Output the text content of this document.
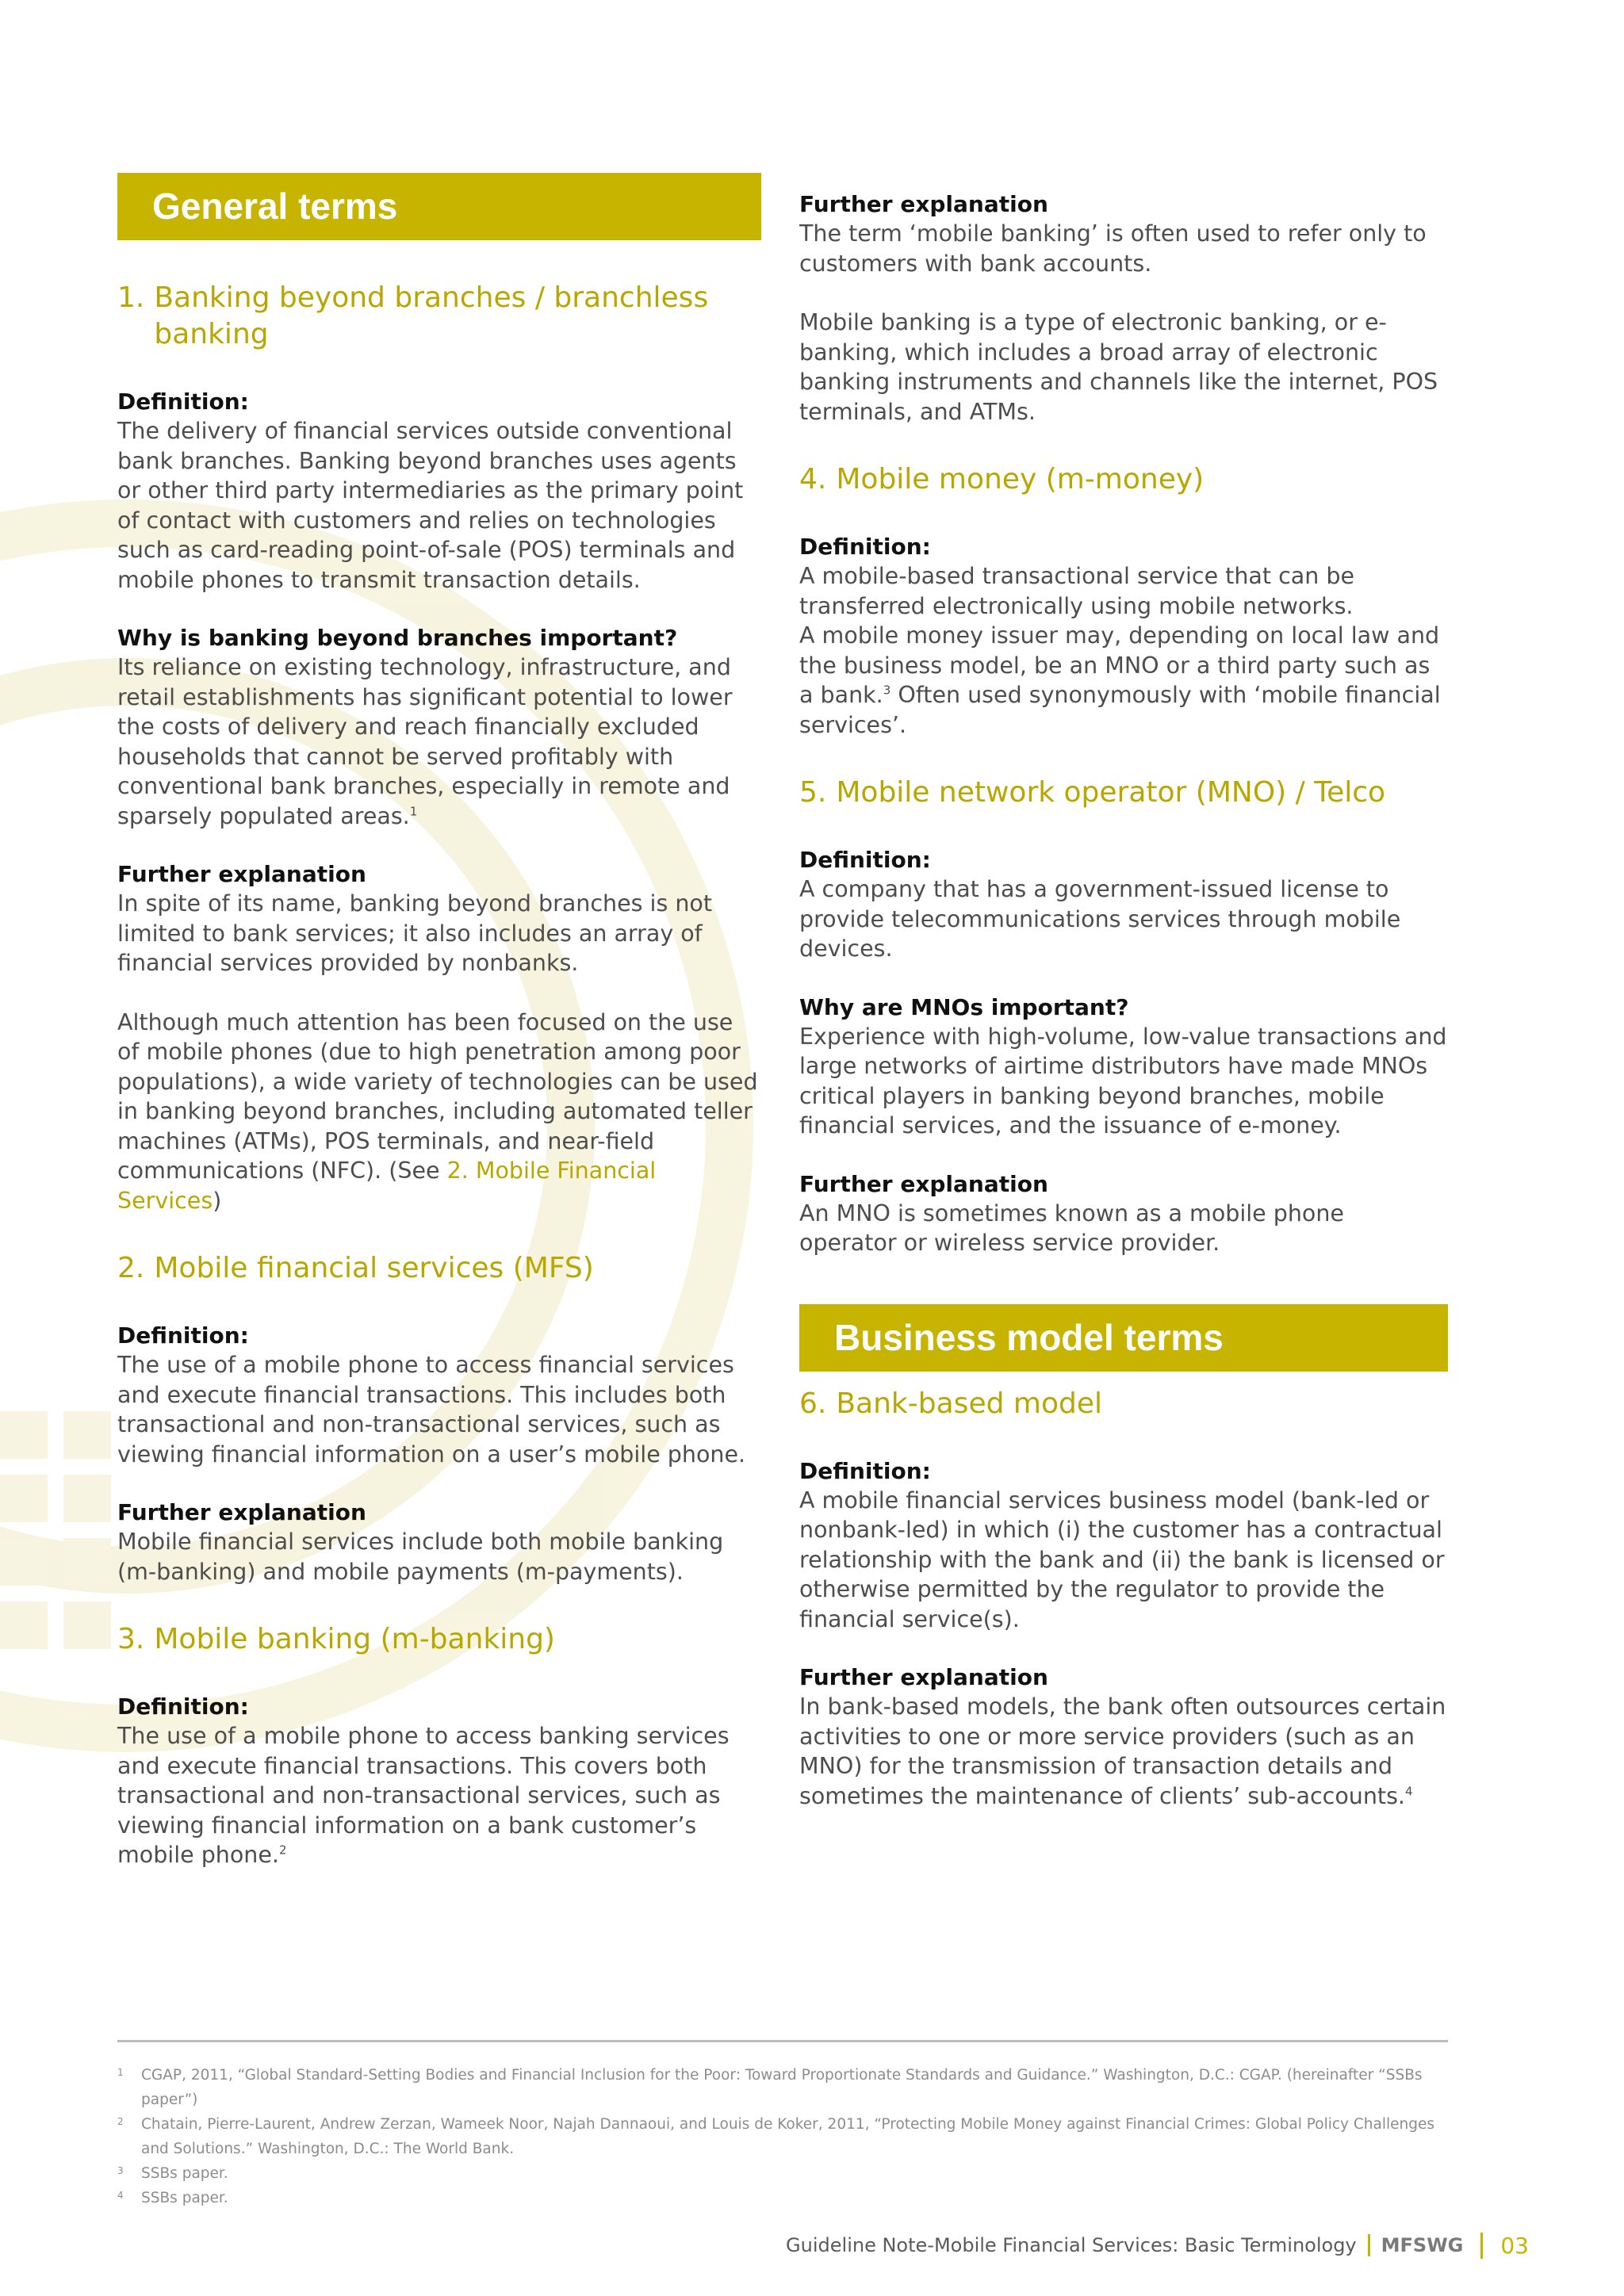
General terms
1. Banking beyond branches / branchless banking

Definition:

The delivery of financial services outside conventional bank branches. Banking beyond branches uses agents or other third party intermediaries as the primary point of contact with customers and relies on technologies such as card-reading point-of-sale (POS) terminals and mobile phones to transmit transaction details.

Why is banking beyond branches important?

Its reliance on existing technology, infrastructure, and retail establishments has significant potential to lower the costs of delivery and reach financially excluded households that cannot be served profitably with conventional bank branches, especially in remote and sparsely populated areas.$^1$

Further explanation

In spite of its name, banking beyond branches is not limited to bank services; it also includes an array of financial services provided by nonbanks.

Although much attention has been focused on the use of mobile phones (due to high penetration among poor populations), a wide variety of technologies can be used in banking beyond branches, including automated teller machines (ATMs), POS terminals, and near-field communications (NFC). (See 2. Mobile Financial Services)

2. Mobile financial services (MFS)

Definition:

The use of a mobile phone to access financial services and execute financial transactions. This includes both transactional and non-transactional services, such as viewing financial information on a user’s mobile phone.

Further explanation

Mobile financial services include both mobile banking (m-banking) and mobile payments (m-payments).

3. Mobile banking (m-banking)

Definition:

The use of a mobile phone to access banking services and execute financial transactions. This covers both transactional and non-transactional services, such as viewing financial information on a bank customer’s mobile phone.$^2$

Further explanation

The term ‘mobile banking’ is often used to refer only to customers with bank accounts.

Mobile banking is a type of electronic banking, or e-banking, which includes a broad array of electronic banking instruments and channels like the internet, POS terminals, and ATMs.

4. Mobile money (m-money)

Definition:

A mobile-based transactional service that can be transferred electronically using mobile networks.

A mobile money issuer may, depending on local law and the business model, be an MNO or a third party such as a bank.$^3$ Often used synonymously with ‘mobile financial services’.

5. Mobile network operator (MNO) / Telco

Definition:

A company that has a government-issued license to provide telecommunications services through mobile devices.

Why are MNOs important?

Experience with high-volume, low-value transactions and large networks of airtime distributors have made MNOs critical players in banking beyond branches, mobile financial services, and the issuance of e-money.

Further explanation

An MNO is sometimes known as a mobile phone operator or wireless service provider.

Business model terms
6. Bank-based model

Definition:

A mobile financial services business model (bank-led or nonbank-led) in which (i) the customer has a contractual relationship with the bank and (ii) the bank is licensed or otherwise permitted by the regulator to provide the financial service(s).

Further explanation

In bank-based models, the bank often outsources certain activities to one or more service providers (such as an MNO) for the transmission of transaction details and sometimes the maintenance of clients’ sub-accounts.$^4$

1	CGAP, 2011, “Global Standard-Setting Bodies and Financial Inclusion for the Poor: Toward Proportionate Standards and Guidance.” Washington, D.C.: CGAP. (hereinafter “SSBs paper”)
2	Chatain, Pierre-Laurent, Andrew Zerzan, Wameek Noor, Najah Dannaoui, and Louis de Koker, 2011, “Protecting Mobile Money against Financial Crimes: Global Policy Challenges and Solutions.” Washington, D.C.: The World Bank.
3	SSBs paper.
4	SSBs paper.
Guideline Note-Mobile Financial Services: Basic Terminology	MFSWG	03
